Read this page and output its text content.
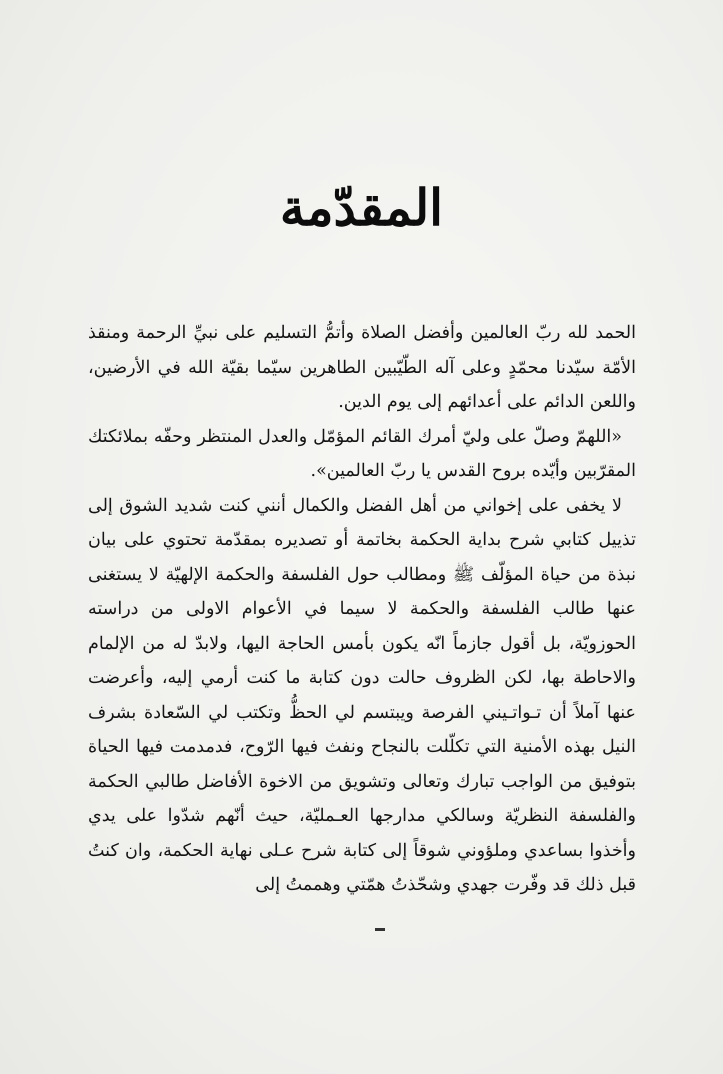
المقدّمة

الحمد لله ربّ العالمين وأفضل الصلاة وأتمُّ التسليم على نبيِّ الرحمة ومنقذ الأمّة سيّدنا محمّدٍ وعلى آله الطّيّبين الطاهرين سيّما بقيّة الله في الأرضين، واللعن الدائم على أعدائهم إلى يوم الدين.

«اللهمّ وصلّ على وليّ أمرك القائم المؤمّل والعدل المنتظر وحفّه بملائكتك المقرّبين وأيّده بروح القدس يا ربّ العالمين».

لا يخفى على إخواني من أهل الفضل والكمال أنني كنت شديد الشوق إلى تذييل كتابي شرح بداية الحكمة بخاتمة أو تصديره بمقدّمة تحتوي على بيان نبذة من حياة المؤلّف ﷺ ومطالب حول الفلسفة والحكمة الإلهيّة لا يستغنى عنها طالب الفلسفة والحكمة لا سيما في الأعوام الاولى من دراسته الحوزويّة، بل أقول جازماً انّه يكون بأمس الحاجة اليها، ولابدّ له من الإلمام والاحاطة بها، لكن الظروف حالت دون كتابة ما كنت أرمي إليه، وأعرضت عنها آملاً أن تـواتـيني الفرصة ويبتسم لي الحظُّ وتكتب لي السّعادة بشرف النيل بهذه الأمنية التي تكلّلت بالنجاح ونفث فيها الرّوح، فدمدمت فيها الحياة بتوفيق من الواجب تبارك وتعالى وتشويق من الاخوة الأفاضل طالبي الحكمة والفلسفة النظريّة وسالكي مدارجها العـمليّة، حيث أنّهم شدّوا على يدي وأخذوا بساعدي وملؤوني شوقاً إلى كتابة شرح عـلى نهاية الحكمة، وان كنتُ قبل ذلك قد وفّرت جهدي وشحّذتُ همّتي وهممتُ إلى
